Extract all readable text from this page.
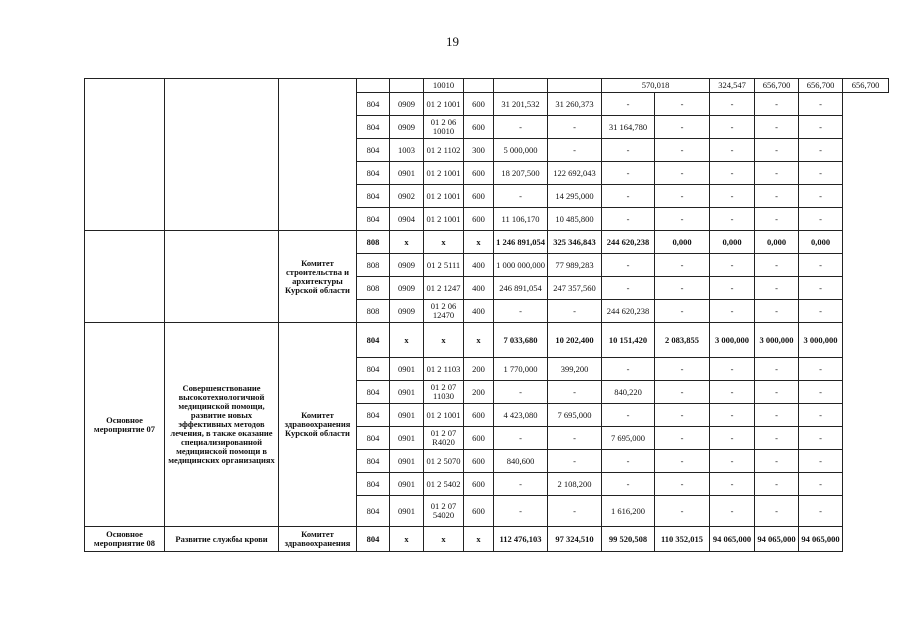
19
					10010				570,018		324,547	656,700	656,700	656,700
			804	0909	01 2 1001	600	31 201,532	31 260,373	-	-	-	-	-	
			804	0909	01 2 06 10010	600	-	-	31 164,780	-	-	-	-	
			804	1003	01 2 1102	300	5 000,000	-	-	-	-	-	-	
			804	0901	01 2 1001	600	18 207,500	122 692,043	-	-	-	-	-	
			804	0902	01 2 1001	600	-	14 295,000	-	-	-	-	-	
			804	0904	01 2 1001	600	11 106,170	10 485,800	-	-	-	-	-	
		Комитет строительства и архитектуры Курской области	808	x	x	x	1 246 891,054	325 346,843	244 620,238	0,000	0,000	0,000	0,000	
			808	0909	01 2 5111	400	1 000 000,000	77 989,283	-	-	-	-	-	
			808	0909	01 2 1247	400	246 891,054	247 357,560	-	-	-	-	-	
			808	0909	01 2 06 12470	400	-	-	244 620,238	-	-	-	-	
Основное мероприятие 07	Совершенствование высокотехнологичной медицинской помощи, развитие новых эффективных методов лечения, в также оказание специализированной медицинской помощи в медицинских организациях	Комитет здравоохранения Курской области	804	x	x	x	7 033,680	10 202,400	10 151,420	2 083,855	3 000,000	3 000,000	3 000,000	
			804	0901	01 2 1103	200	1 770,000	399,200	-	-	-	-	-	
			804	0901	01 2 07 11030	200	-	-	840,220	-	-	-	-	
			804	0901	01 2 1001	600	4 423,080	7 695,000	-	-	-	-	-	
			804	0901	01 2 07 R4020	600	-	-	7 695,000	-	-	-	-	
			804	0901	01 2 5070	600	840,600	-	-	-	-	-	-	
			804	0901	01 2 5402	600	-	2 108,200	-	-	-	-	-	
			804	0901	01 2 07 54020	600	-	-	1 616,200	-	-	-	-	
Основное мероприятие 08	Развитие службы крови	Комитет здравоохранения	804	x	x	x	112 476,103	97 324,510	99 520,508	110 352,015	94 065,000	94 065,000	94 065,000	
